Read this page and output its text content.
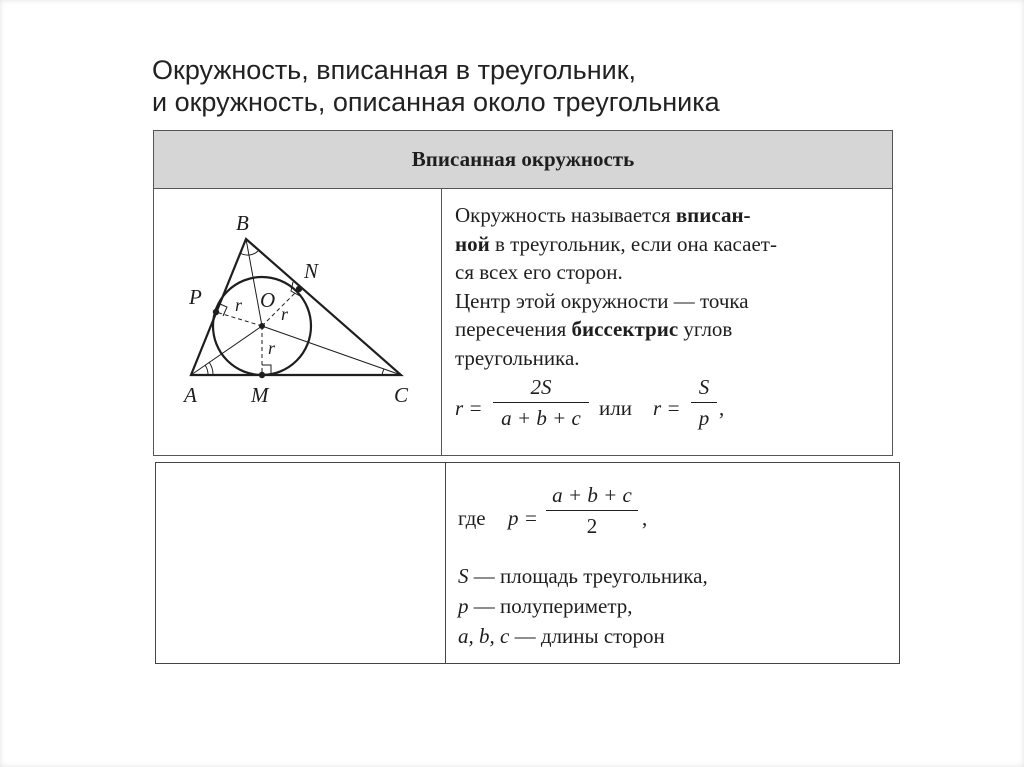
Окружность, вписанная в треугольник,
и окружность, описанная около треугольника
Вписанная окружность
B
N
P	O
A	M	C
r r
r
Окружность называется вписан-
ной в треугольник, если она касает-
ся всех его сторон.
Центр этой окружности — точка
пересечения биссектрис углов
треугольника.
r =
2S
a + b + c или r =
S
p ,
где p =
a + b + c
2	,
S — площадь треугольника,
p — полупериметр,
a, b, c — длины сторон
